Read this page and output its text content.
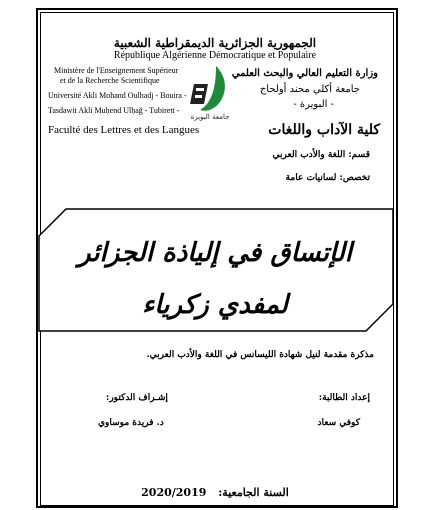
الجمهورية الجزائرية الديمقراطية الشعبية
République Algérienne Démocratique et Populaire
Ministère de l'Enseignement Supérieur
et de la Recherche Scientifique
Université Akli Mohand Oulhadj - Bouira -
Tasdawit Akli Muḥend Ulḥağ - Tubirett -
وزارة التعليم العالي والبحث العلمي
جامعة أكلي محند أولحاج
- البويرة -
جامعة البويرة
Faculté des Lettres et des Langues	كلية الآداب واللغات
قسم: اللغة والأدب العربي
تخصص: لسانيات عامة
الإتساق في إلياذة الجزائر
لمفدي زكرياء
مذكرة مقدمة لنيل شهادة الليسانس في اللغة والأدب العربي.
إعداد الطالبة:
كوفي سعاد
إشـراف الدكتور:
د. فريدة موساوي
السنة الجامعية: 2020/2019
